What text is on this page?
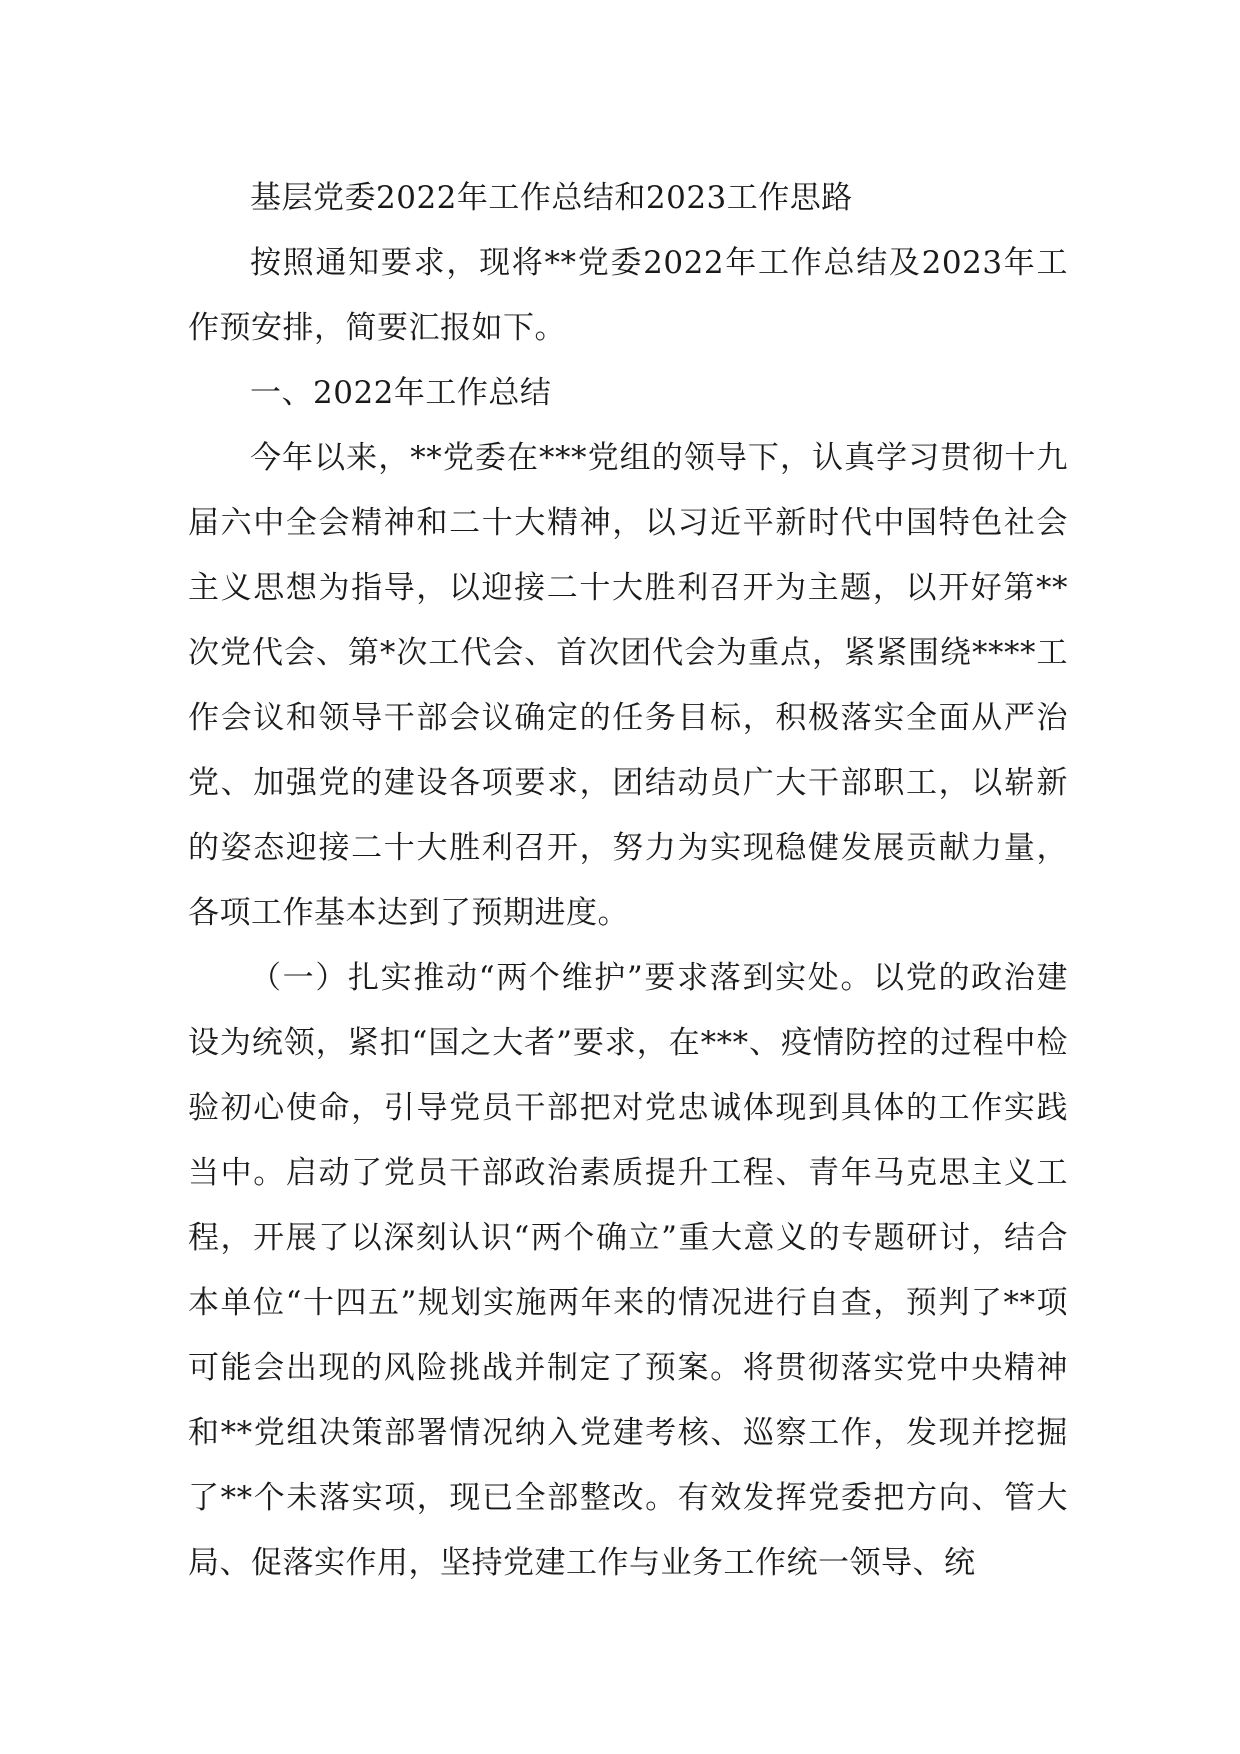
基层党委2022年工作总结和2023工作思路

按照通知要求，现将**党委2022年工作总结及2023年工作预安排，简要汇报如下。

一、2022年工作总结

今年以来，**党委在***党组的领导下，认真学习贯彻十九届六中全会精神和二十大精神，以习近平新时代中国特色社会主义思想为指导，以迎接二十大胜利召开为主题，以开好第**次党代会、第*次工代会、首次团代会为重点，紧紧围绕****工作会议和领导干部会议确定的任务目标，积极落实全面从严治党、加强党的建设各项要求，团结动员广大干部职工，以崭新的姿态迎接二十大胜利召开，努力为实现稳健发展贡献力量，各项工作基本达到了预期进度。

（一）扎实推动“两个维护”要求落到实处。以党的政治建设为统领，紧扣“国之大者”要求，在***、疫情防控的过程中检验初心使命，引导党员干部把对党忠诚体现到具体的工作实践当中。启动了党员干部政治素质提升工程、青年马克思主义工程，开展了以深刻认识“两个确立”重大意义的专题研讨，结合本单位“十四五”规划实施两年来的情况进行自查，预判了**项可能会出现的风险挑战并制定了预案。将贯彻落实党中央精神和**党组决策部署情况纳入党建考核、巡察工作，发现并挖掘了**个未落实项，现已全部整改。有效发挥党委把方向、管大局、促落实作用，坚持党建工作与业务工作统一领导、统
